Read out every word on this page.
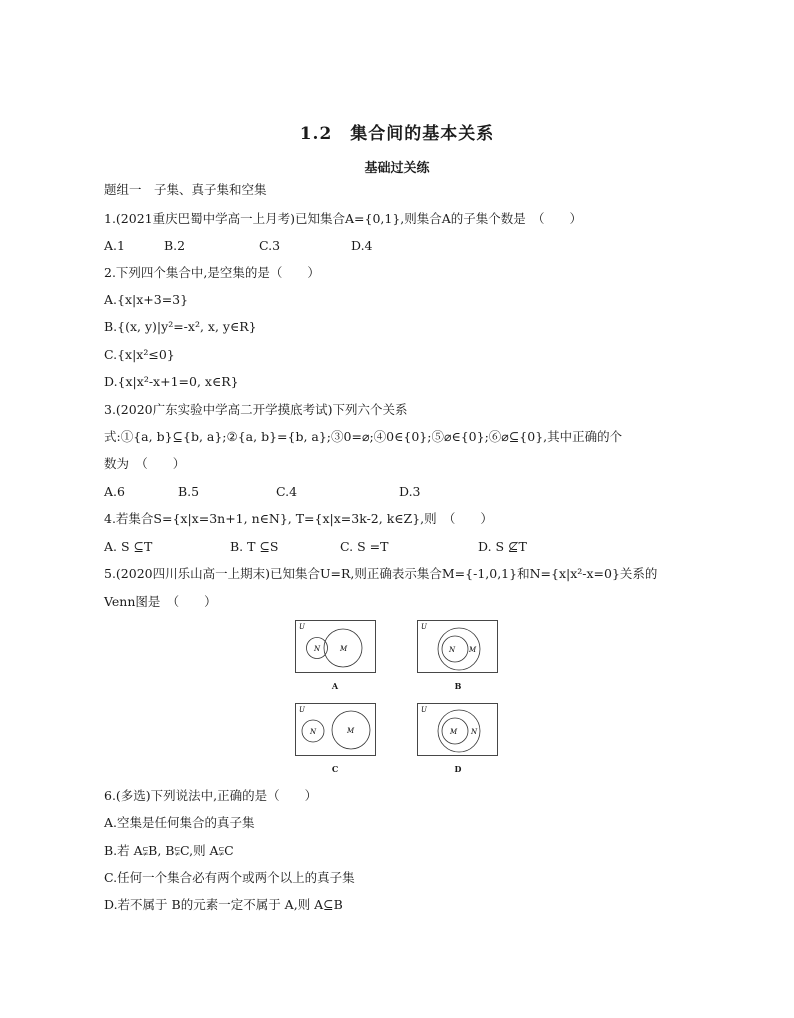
1.2　集合间的基本关系
基础过关练
题组一　子集、真子集和空集
1.(2021重庆巴蜀中学高一上月考)已知集合A={0,1},则集合A的子集个数是　（　　）
A.1	B.2	C.3	D.4
2.下列四个集合中,是空集的是（　　）
A.{x|x+3=3}
B.{(x, y)|y²=-x², x, y∈R}
C.{x|x²≤0}
D.{x|x²-x+1=0, x∈R}
3.(2020广东实验中学高二开学摸底考试)下列六个关系
式:①{a, b}⊆{b, a};②{a, b}={b, a};③0=⌀;④0∈{0};⑤⌀∈{0};⑥⌀⊆{0},其中正确的个
数为　（　　）
A.6	B.5	C.4	D.3
4.若集合S={x|x=3n+1, n∈N}, T={x|x=3k-2, k∈Z},则　（　　）
A. S ⊆T	B. T ⊆S	C. S =T	D. S ⊈T
5.(2020四川乐山高一上期末)已知集合U=R,则正确表示集合M={-1,0,1}和N={x|x²-x=0}关系的
Venn图是　（　　）
U
N	M
A
U
N M
B
U
N	M
C
U
M N
D
6.(多选)下列说法中,正确的是（　　）
A.空集是任何集合的真子集
B.若 A⫋B, B⫋C,则 A⫋C
C.任何一个集合必有两个或两个以上的真子集
D.若不属于 B的元素一定不属于 A,则 A⊆B
